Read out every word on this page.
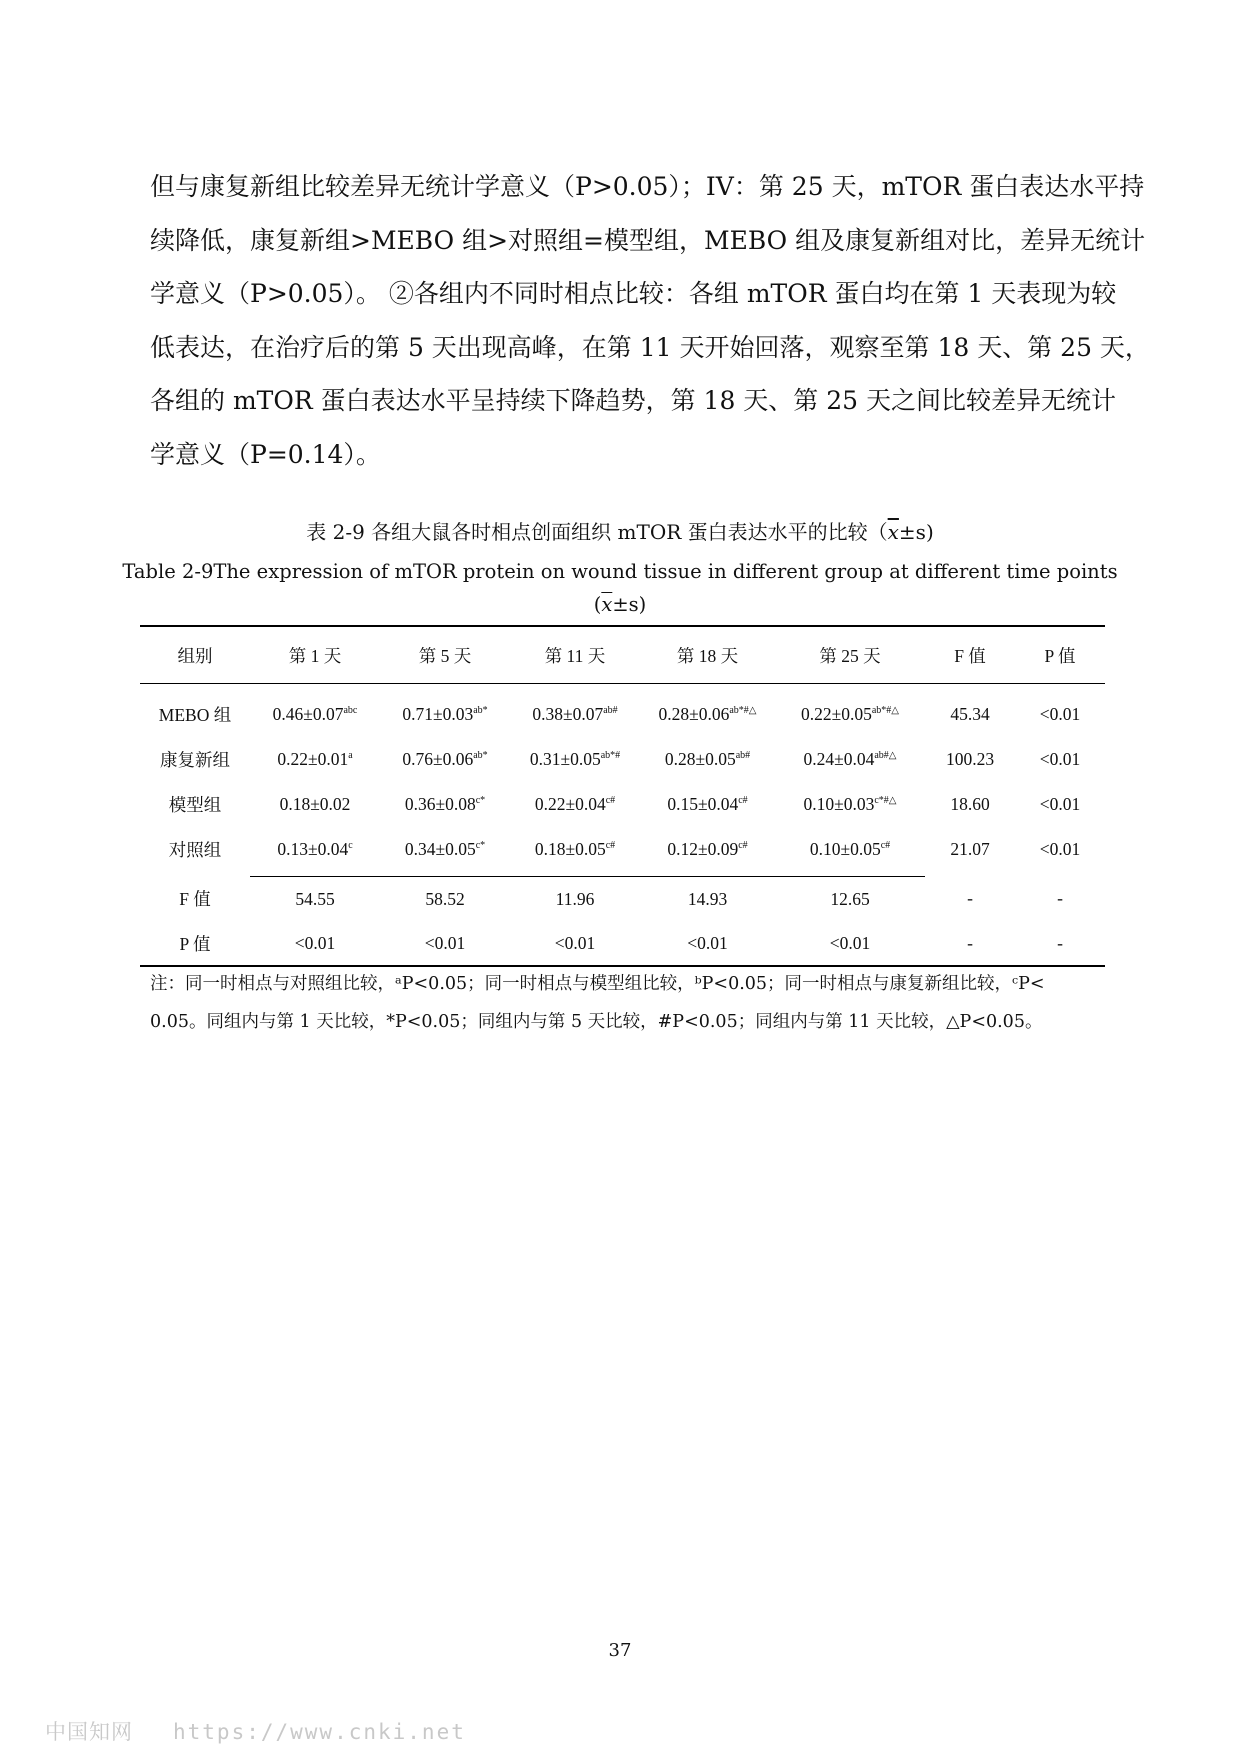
但与康复新组比较差异无统计学意义（P>0.05）；IV：第 25 天，mTOR 蛋白表达水平持
续降低，康复新组>MEBO 组>对照组=模型组，MEBO 组及康复新组对比，差异无统计
学意义（P>0.05）。 ②各组内不同时相点比较：各组 mTOR 蛋白均在第 1 天表现为较
低表达，在治疗后的第 5 天出现高峰，在第 11 天开始回落，观察至第 18 天、第 25 天，
各组的 mTOR 蛋白表达水平呈持续下降趋势，第 18 天、第 25 天之间比较差异无统计
学意义（P=0.14）。
表 2-9 各组大鼠各时相点创面组织 mTOR 蛋白表达水平的比较$(\overline{x}\pm s)$
Table 2-9The expression of mTOR protein on wound tissue in different group at different time points
$(\overline{x}\pm s)$
组别	第 1 天	第 5 天	第 11 天	第 18 天	第 25 天	F 值	P 值
MEBO 组	0.46±0.07$^{abc}$	$0.71\pm 0.03^{ab*}$	$0.38\pm 0.07^{ab\#}$	$0.28\pm 0.06^{ab*\#\triangle}$	$0.22\pm 0.05^{ab*\#\triangle}$	45.34	<0.01
康复新组	0.22±0.01$^a$	$0.76\pm 0.06^{ab*}$	$0.31\pm 0.05^{ab*\#}$	$0.28\pm 0.05^{ab\#}$	$0.24\pm 0.04^{ab\#\triangle}$	100.23	<0.01
模型组	0.18±0.02	$0.36\pm 0.08^{c*}$	$0.22\pm 0.04^{c\#}$	$0.15\pm 0.04^{c\#}$	$0.10\pm 0.03^{c*\#\triangle}$	18.60	<0.01
对照组	0.13±0.04$^c$	$0.34\pm 0.05^{c*}$	$0.18\pm 0.05^{c\#}$	$0.12\pm 0.09^{c\#}$	$0.10\pm 0.05^{c\#}$	21.07	<0.01
F 值	54.55	58.52	11.96	14.93	12.65	-	-
P 值	<0.01	<0.01	<0.01	<0.01	<0.01	-	-
注：同一时相点与对照组比较，ᵃP<0.05；同一时相点与模型组比较，ᵇP<0.05；同一时相点与康复新组比较，ᶜP<
0.05。同组内与第 1 天比较，*P<0.05；同组内与第 5 天比较，#P<0.05；同组内与第 11 天比较，△P<0.05。
37
中国知网 https://www.cnki.net
